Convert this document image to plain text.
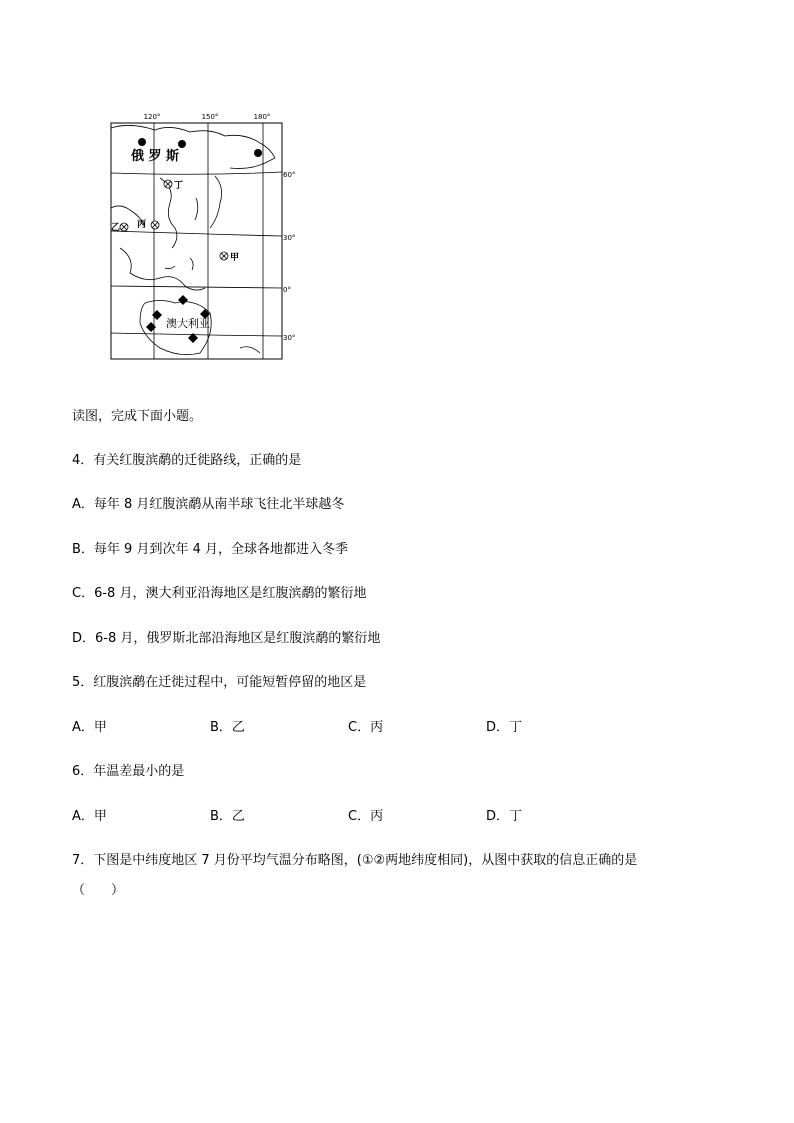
120°	150°	180°
60°
30°
0°
30°
俄 罗 斯
丁
乙 丙
甲
澳大利亚
读图，完成下面小题。
4．有关红腹滨鹬的迁徙路线，正确的是
A．每年 8 月红腹滨鹬从南半球飞往北半球越冬
B．每年 9 月到次年 4 月，全球各地都进入冬季
C．6-8 月，澳大利亚沿海地区是红腹滨鹬的繁衍地
D．6-8 月，俄罗斯北部沿海地区是红腹滨鹬的繁衍地
5．红腹滨鹬在迁徙过程中，可能短暂停留的地区是
A．甲	B．乙	C．丙	D．丁
6．年温差最小的是
A．甲	B．乙	C．丙	D．丁
7．下图是中纬度地区 7 月份平均气温分布略图，(①②两地纬度相同)，从图中获取的信息正确的是
（　　）
